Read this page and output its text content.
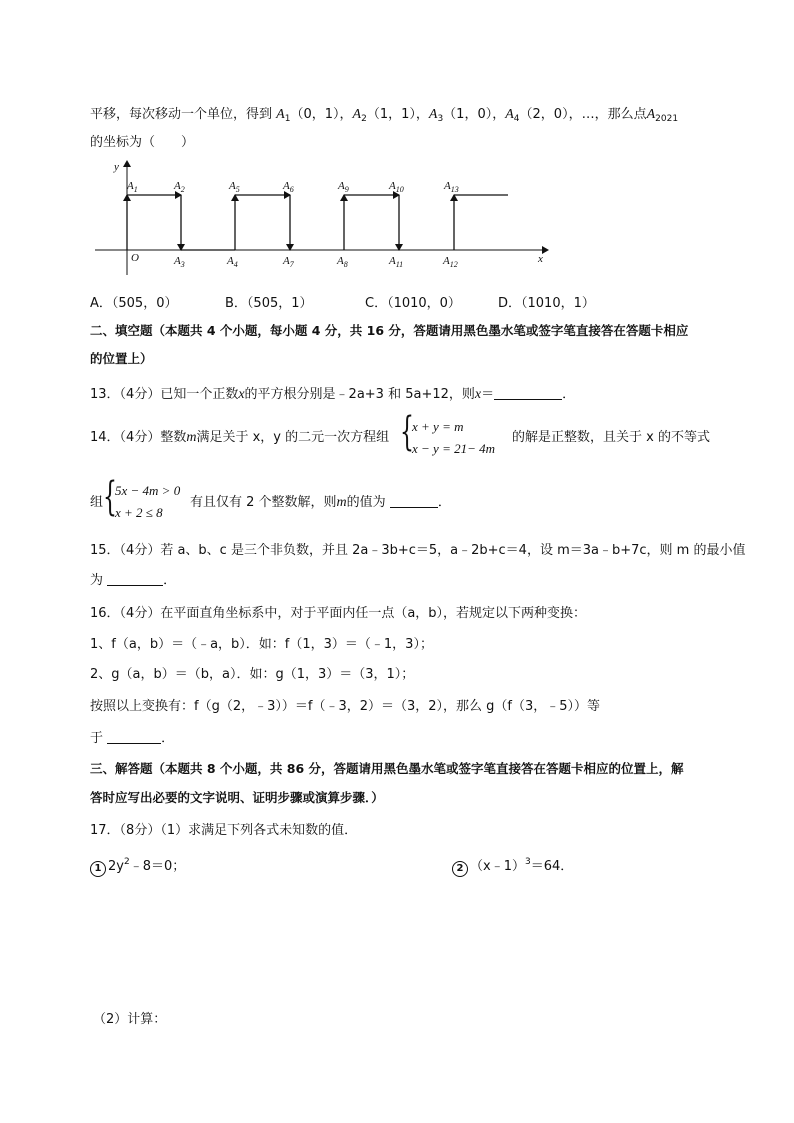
平移，每次移动一个单位，得到 $A_1(0$，1），$A_2(1$，1），$A_3(1$，0），$A_4(2$，0），…，那么点$A_{2021}$
的坐标为（　　）
y
x
O
$A_1$	$A_2$	$A_5$	$A_6$	$A_9$	$A_{10}$	$A_{13}$
$A_3$	$A_4$	$A_7$	$A_8$	$A_{11}$	$A_{12}$
A．（505，0）	B．（505，1）	C．（1010，0）	D．（1010，1）
二、填空题（本题共 4 个小题，每小题 4 分，共 16 分，答题请用黑色墨水笔或签字笔直接答在答题卡相应
的位置上）
13．（4分）已知一个正数x的平方根分别是﹣2a+3 和 5a+12，则x＝	．
14．（4分）整数m满足关于 x，y 的二元一次方程组 {
x + y = m
x − y = 21− 4m
的解是正整数，且关于 x 的不等式
组 {
5x − 4m > 0
x + 2 ≤ 8
有且仅有 2 个整数解，则m的值为	．
15．（4分）若 a、b、c 是三个非负数，并且 2a﹣3b+c＝5，a﹣2b+c＝4，设 m＝3a﹣b+7c，则 m 的最小值
为	．
16．（4分）在平面直角坐标系中，对于平面内任一点（a，b），若规定以下两种变换：
1、f（a，b）＝（﹣a，b）．如：f（1，3）＝（﹣1，3）；
2、g（a，b）＝（b，a）．如：g（1，3）＝（3，1）；
按照以上变换有：f（g（2，﹣3））＝f（﹣3，2）＝（3，2），那么 g（f（3，﹣5））等
于	．
三、解答题（本题共 8 个小题，共 86 分，答题请用黑色墨水笔或签字笔直接答在答题卡相应的位置上，解
答时应写出必要的文字说明、证明步骤或演算步骤．）
17．（8分）（1）求满足下列各式未知数的值．
1 $2y^2﹣8=0$；	2 （x﹣1）$^3$＝64．
（2）计算：
